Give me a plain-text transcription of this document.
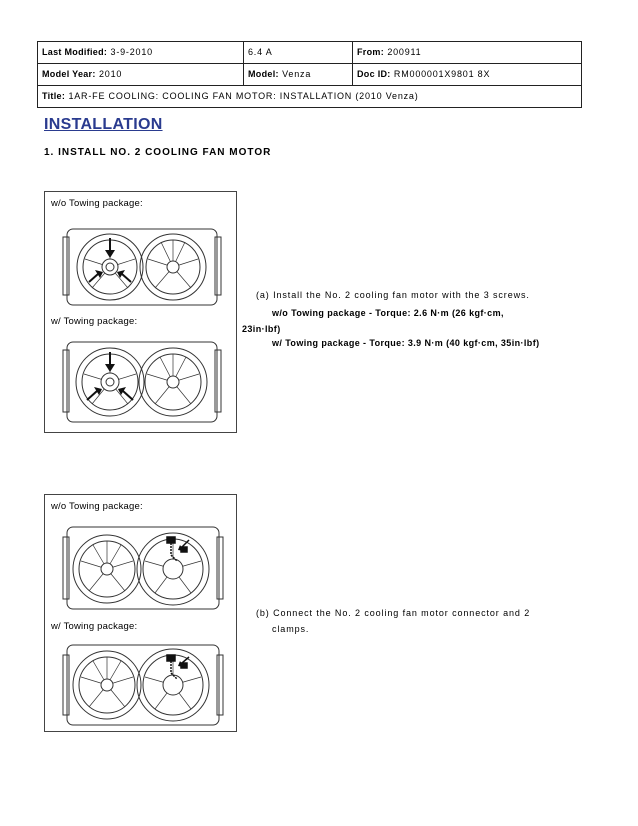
Last Modified: 3-9-2010	6.4 A	From: 200911
Model Year: 2010	Model: Venza	Doc ID: RM000001X9801 8X
Title: 1AR-FE COOLING: COOLING FAN MOTOR: INSTALLATION (2010 Venza)
INSTALLATION
1. INSTALL NO. 2 COOLING FAN MOTOR
w/o Towing package:
w/ Towing package:
w/o Towing package:
w/ Towing package:
(a) Install the No. 2 cooling fan motor with the 3 screws.
w/o Towing package - Torque: 2.6 N·m (26 kgf·cm,
23in·lbf)
w/ Towing package - Torque: 3.9 N·m (40 kgf·cm, 35in·lbf)
(b) Connect the No. 2 cooling fan motor connector and 2
clamps.
